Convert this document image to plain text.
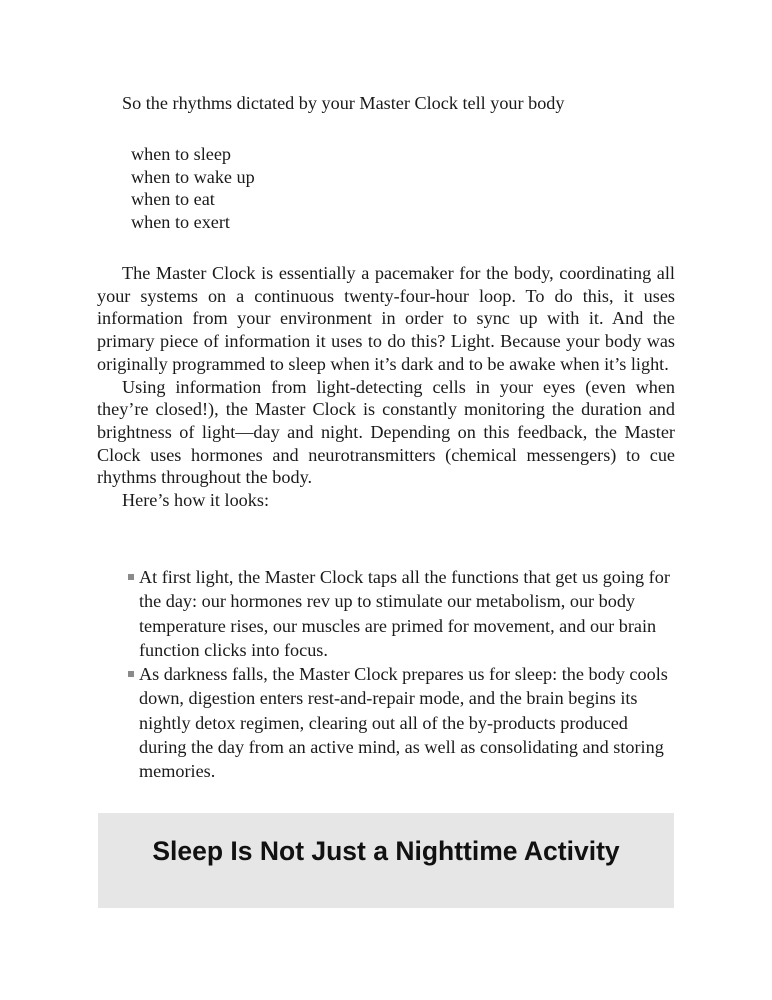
So the rhythms dictated by your Master Clock tell your body

when to sleep
when to wake up
when to eat
when to exert

The Master Clock is essentially a pacemaker for the body, coordinating all your systems on a continuous twenty-four-hour loop. To do this, it uses information from your environment in order to sync up with it. And the primary piece of information it uses to do this? Light. Because your body was originally programmed to sleep when it’s dark and to be awake when it’s light.

Using information from light-detecting cells in your eyes (even when they’re closed!), the Master Clock is constantly monitoring the duration and brightness of light—day and night. Depending on this feedback, the Master Clock uses hormones and neurotransmitters (chemical messengers) to cue rhythms throughout the body.

Here’s how it looks:

At first light, the Master Clock taps all the functions that get us going for the day: our hormones rev up to stimulate our metabolism, our body temperature rises, our muscles are primed for movement, and our brain function clicks into focus.
As darkness falls, the Master Clock prepares us for sleep: the body cools down, digestion enters rest-and-repair mode, and the brain begins its nightly detox regimen, clearing out all of the by-products produced during the day from an active mind, as well as consolidating and storing memories.
Sleep Is Not Just a Nighttime Activity
